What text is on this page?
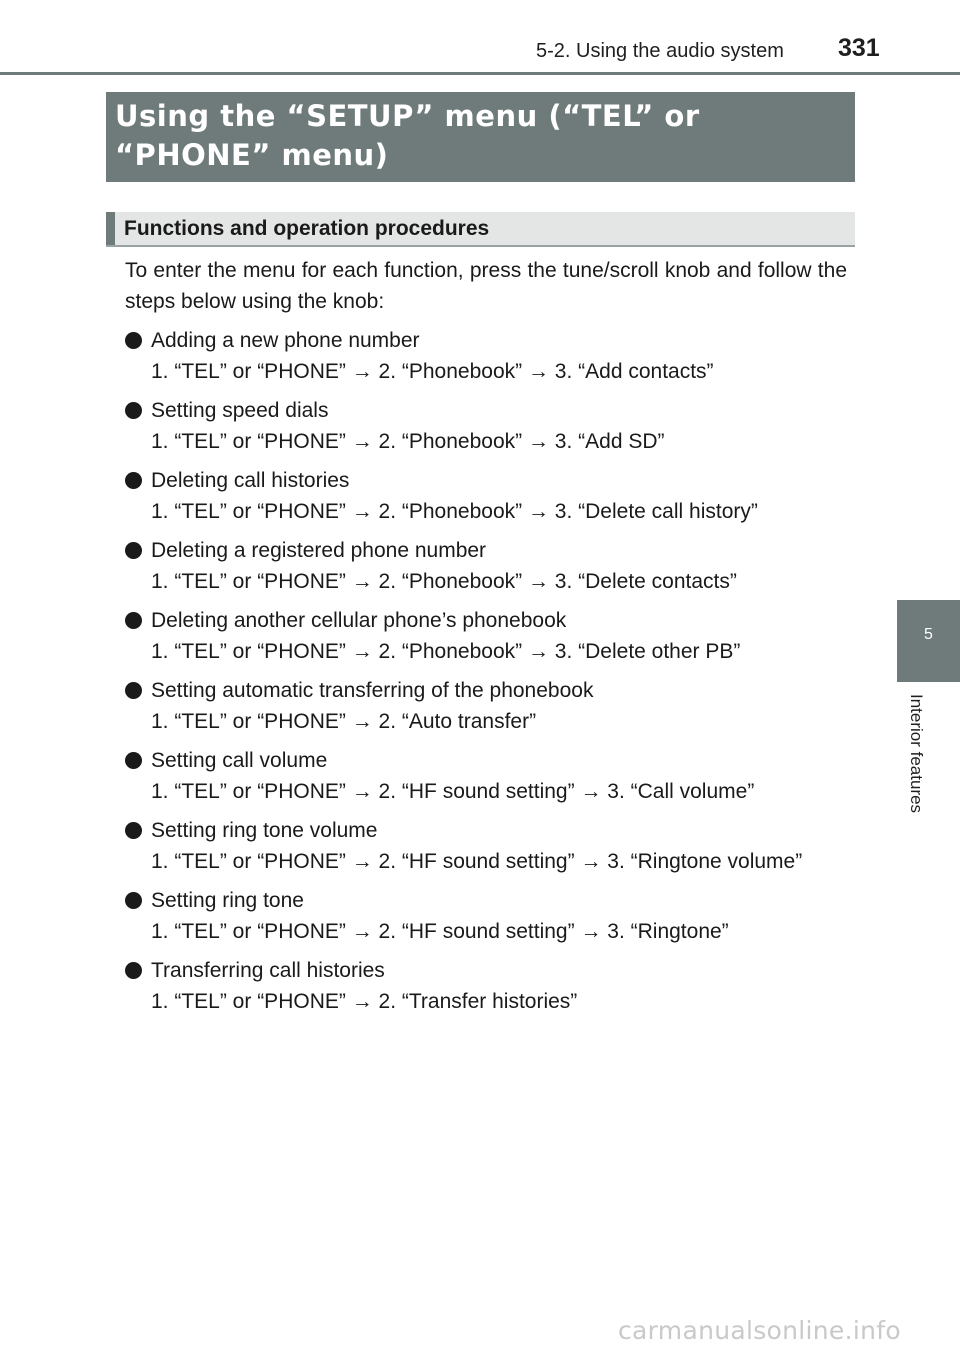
5-2. Using the audio system 331

Using the “SETUP” menu (“TEL” or

“PHONE” menu)

Functions and operation procedures

To enter the menu for each function, press the tune/scroll knob and follow the steps below using the knob:

Adding a new phone number
1. “TEL” or “PHONE” → 2. “Phonebook” → 3. “Add contacts”
Setting speed dials
1. “TEL” or “PHONE” → 2. “Phonebook” → 3. “Add SD”
Deleting call histories
1. “TEL” or “PHONE” → 2. “Phonebook” → 3. “Delete call history”
Deleting a registered phone number
1. “TEL” or “PHONE” → 2. “Phonebook” → 3. “Delete contacts”
Deleting another cellular phone’s phonebook
1. “TEL” or “PHONE” → 2. “Phonebook” → 3. “Delete other PB”
Setting automatic transferring of the phonebook
1. “TEL” or “PHONE” → 2. “Auto transfer”
Setting call volume
1. “TEL” or “PHONE” → 2. “HF sound setting” → 3. “Call volume”
Setting ring tone volume
1. “TEL” or “PHONE” → 2. “HF sound setting” → 3. “Ringtone volume”
Setting ring tone
1. “TEL” or “PHONE” → 2. “HF sound setting” → 3. “Ringtone”
Transferring call histories
1. “TEL” or “PHONE” → 2. “Transfer histories”
5
Interior features
carmanualsonline.info
